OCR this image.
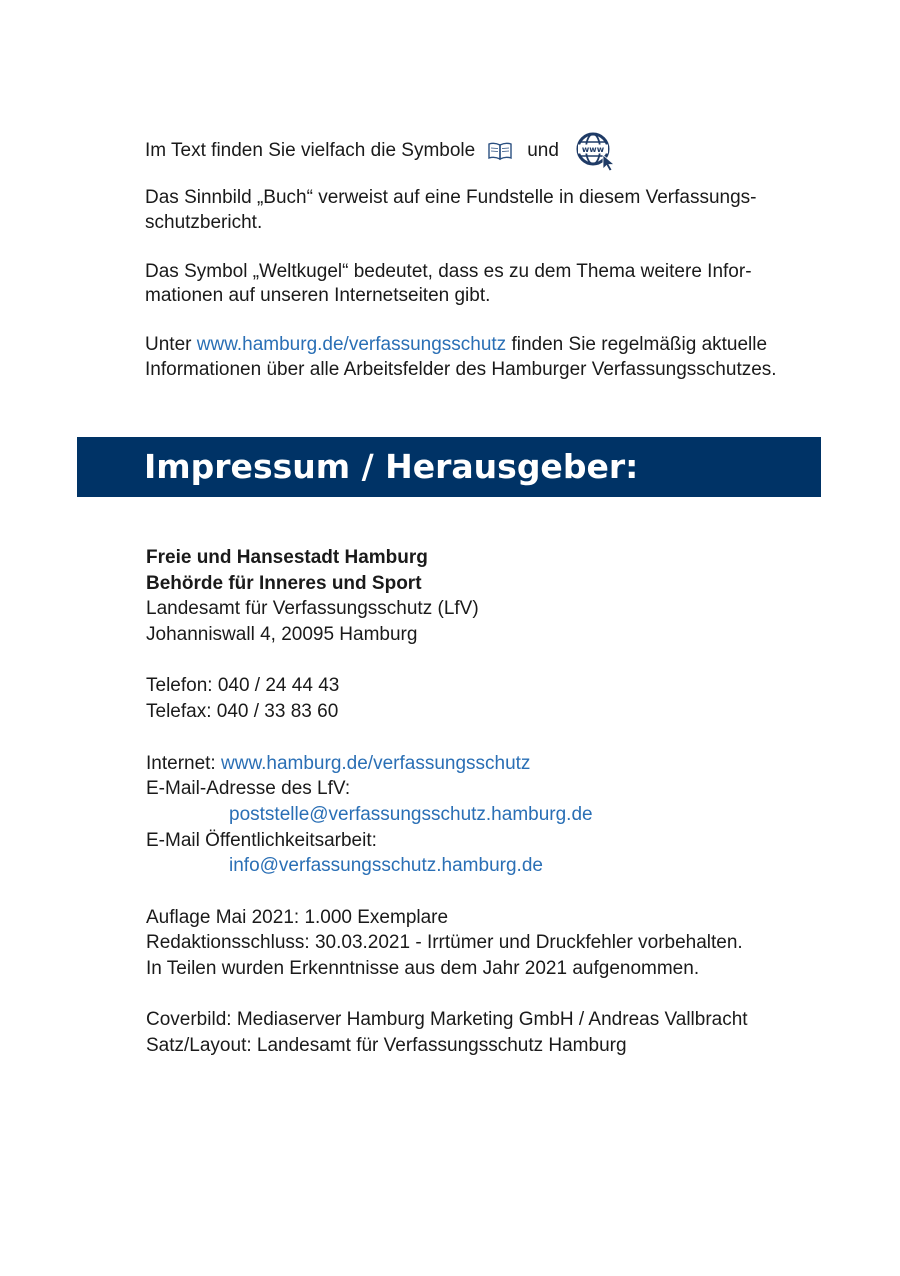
Im Text finden Sie vielfach die Symbole	und	www

Das Sinnbild „Buch“ verweist auf eine Fundstelle in diesem Verfassungsschutzbericht.

Das Symbol „Weltkugel“ bedeutet, dass es zu dem Thema weitere Informationen auf unseren Internetseiten gibt.

Unter www.hamburg.de/verfassungsschutz finden Sie regelmäßig aktuelle Informationen über alle Arbeitsfelder des Hamburger Verfassungsschutzes.

Impressum / Herausgeber:
Freie und Hansestadt Hamburg
Behörde für Inneres und Sport
Landesamt für Verfassungsschutz (LfV)
Johanniswall 4, 20095 Hamburg
Telefon: 040 / 24 44 43
Telefax: 040 / 33 83 60
Internet: www.hamburg.de/verfassungsschutz
E-Mail-Adresse des LfV:
poststelle@verfassungsschutz.hamburg.de
E-Mail Öffentlichkeitsarbeit:
info@verfassungsschutz.hamburg.de
Auflage Mai 2021: 1.000 Exemplare
Redaktionsschluss: 30.03.2021 - Irrtümer und Druckfehler vorbehalten.
In Teilen wurden Erkenntnisse aus dem Jahr 2021 aufgenommen.
Coverbild: Mediaserver Hamburg Marketing GmbH / Andreas Vallbracht
Satz/Layout: Landesamt für Verfassungsschutz Hamburg
